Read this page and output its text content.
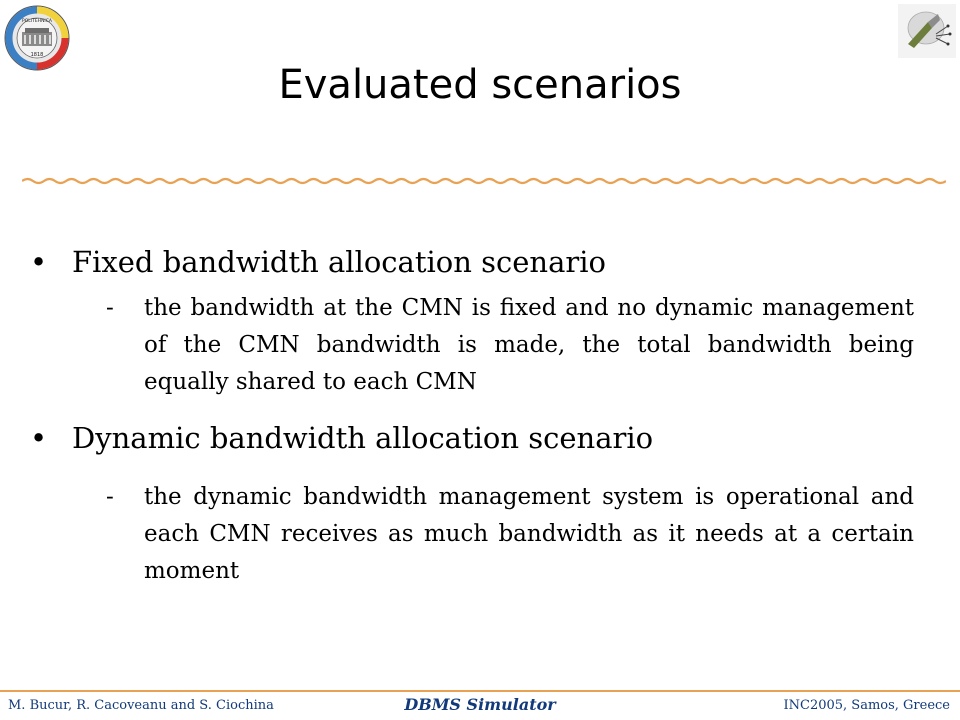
1818
POLITEHNICA
Evaluated scenarios
• Fixed bandwidth allocation scenario
- the bandwidth at the CMN is fixed and no dynamic management of the CMN bandwidth is made, the total bandwidth being equally shared to each CMN
• Dynamic bandwidth allocation scenario
- the dynamic bandwidth management system is operational and each CMN receives as much bandwidth as it needs at a certain moment
M. Bucur, R. Cacoveanu and S. Ciochina	DBMS Simulator	INC2005, Samos, Greece
